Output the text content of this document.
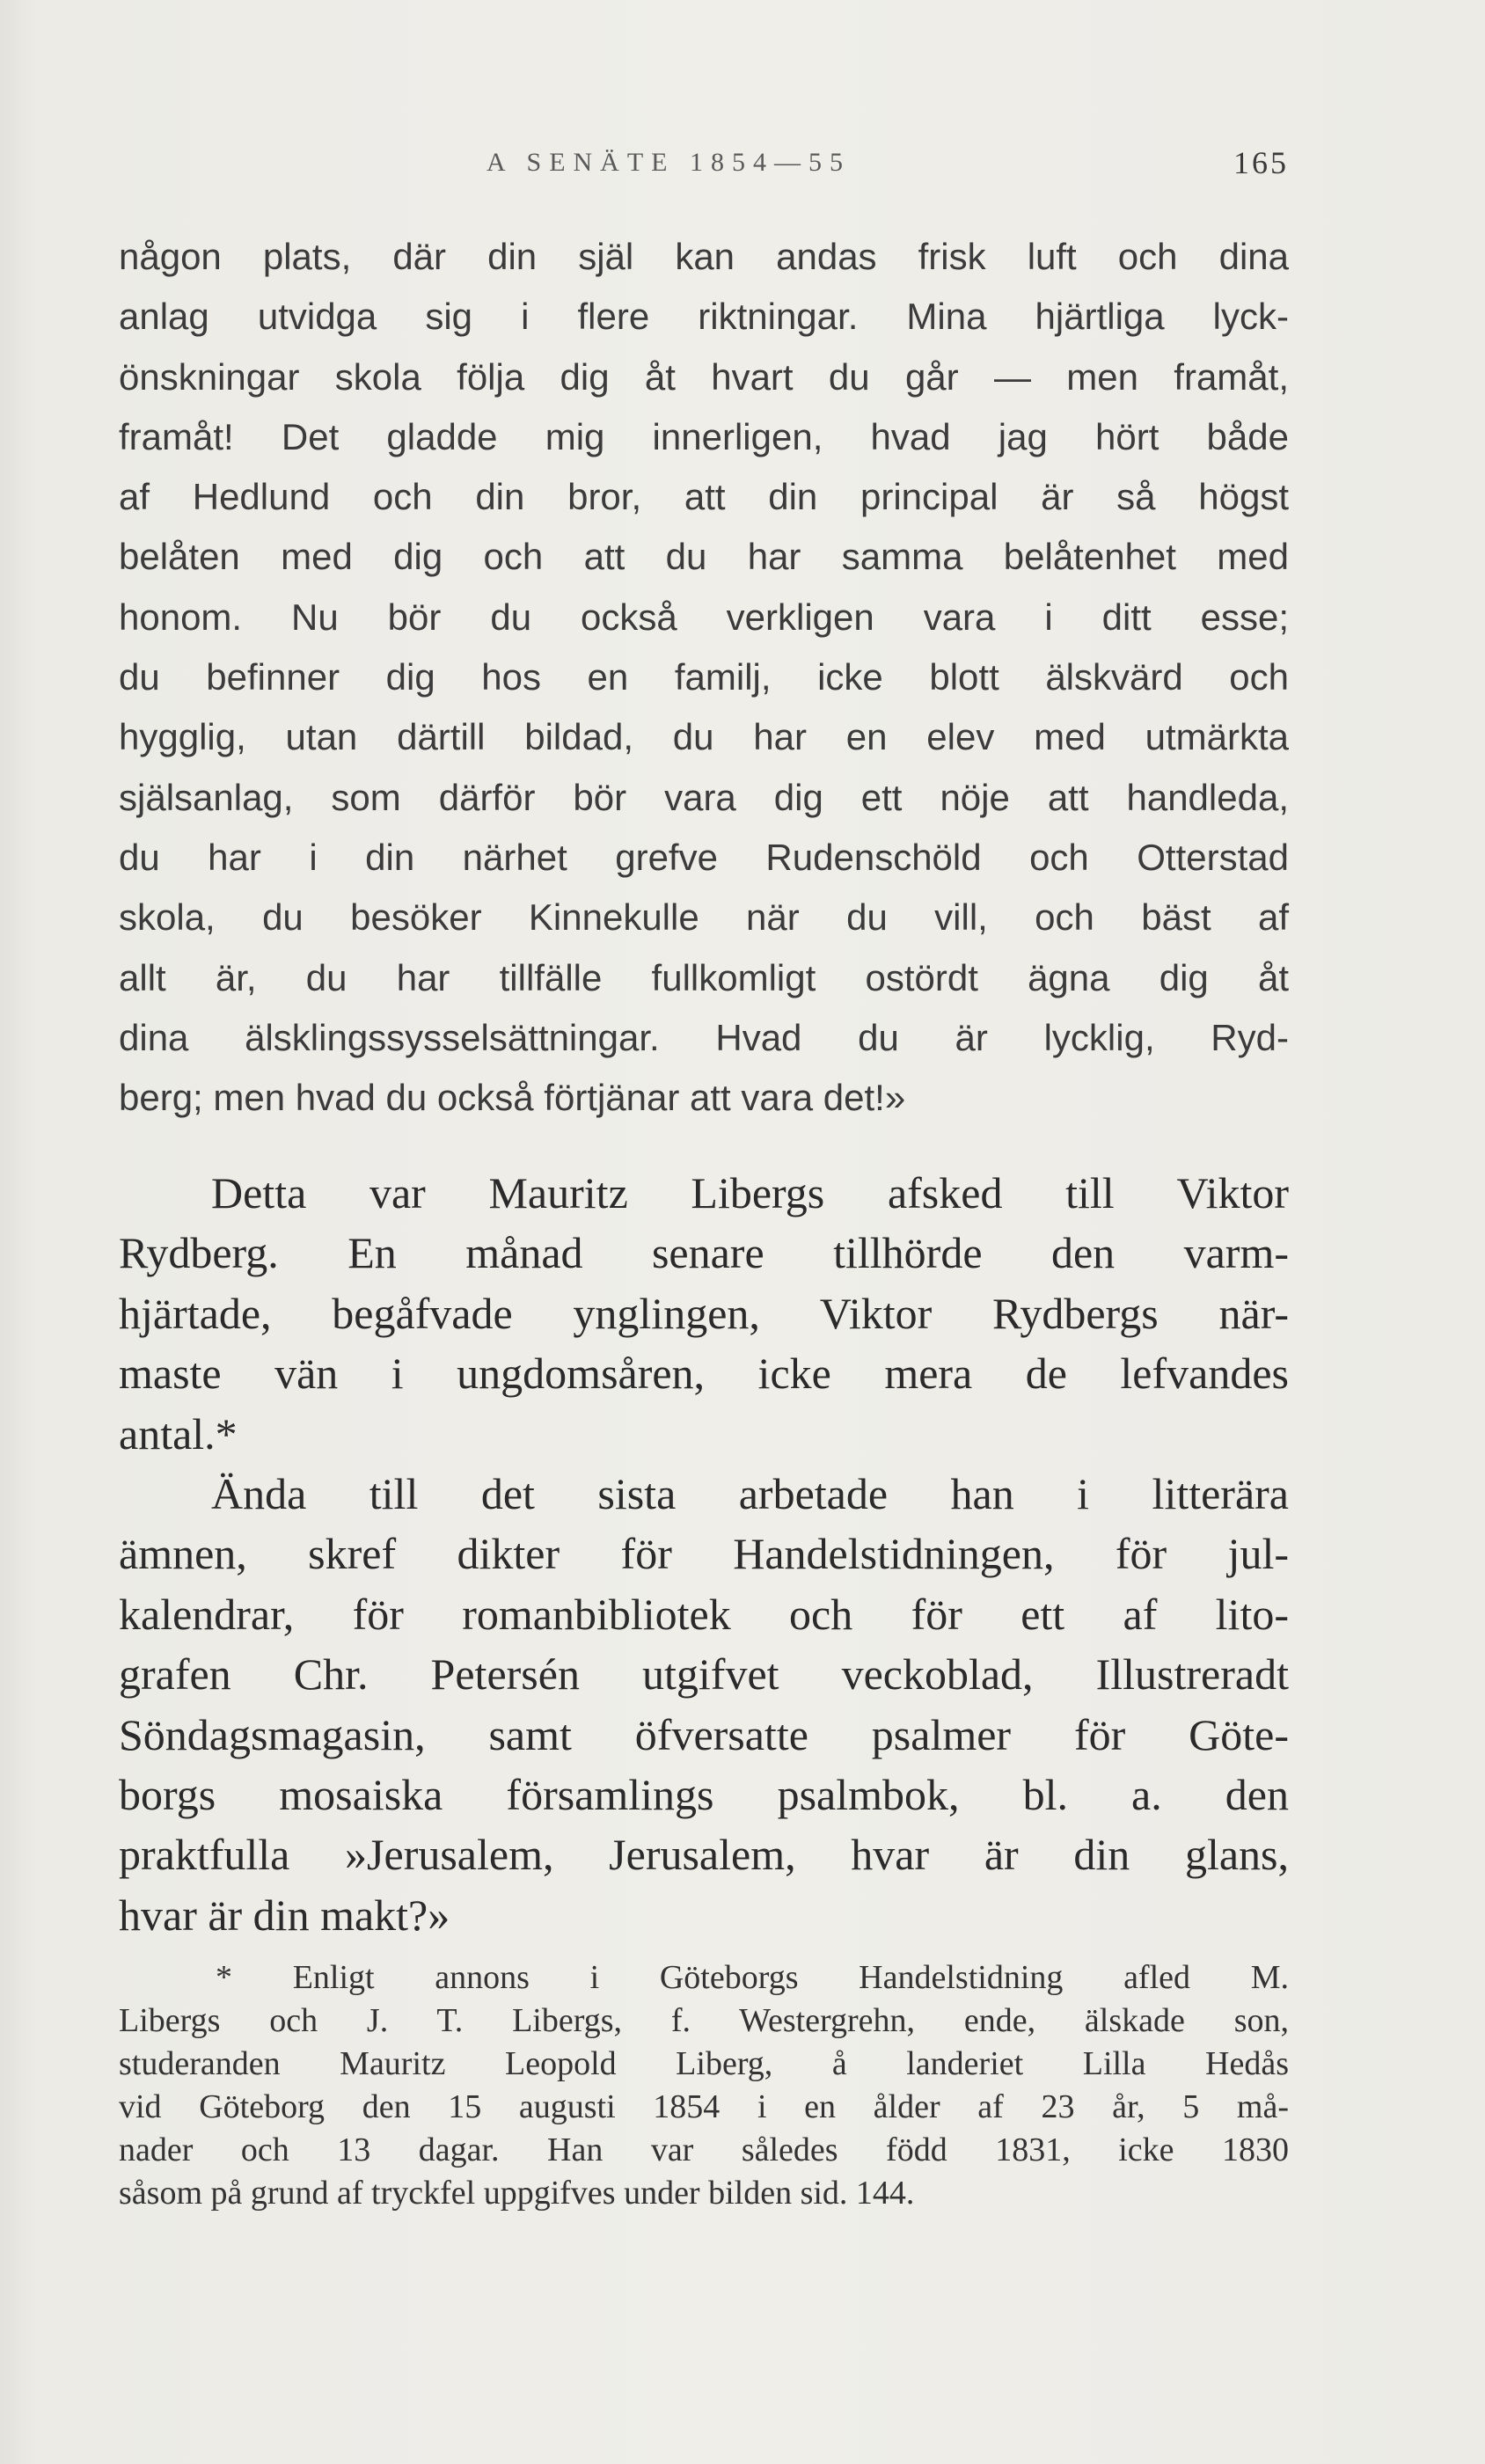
A SENÄTE 1854—55	165
någon plats, där din själ kan andas frisk luft och dina
anlag utvidga sig i flere riktningar. Mina hjärtliga lyck-
önskningar skola följa dig åt hvart du går — men framåt,
framåt! Det gladde mig innerligen, hvad jag hört både
af Hedlund och din bror, att din principal är så högst
belåten med dig och att du har samma belåtenhet med
honom. Nu bör du också verkligen vara i ditt esse;
du befinner dig hos en familj, icke blott älskvärd och
hygglig, utan därtill bildad, du har en elev med utmärkta
själsanlag, som därför bör vara dig ett nöje att handleda,
du har i din närhet grefve Rudenschöld och Otterstad
skola, du besöker Kinnekulle när du vill, och bäst af
allt är, du har tillfälle fullkomligt ostördt ägna dig åt
dina älsklingssysselsättningar. Hvad du är lycklig, Ryd-
berg; men hvad du också förtjänar att vara det!»
Detta var Mauritz Libergs afsked till Viktor
Rydberg. En månad senare tillhörde den varm-
hjärtade, begåfvade ynglingen, Viktor Rydbergs när-
maste vän i ungdomsåren, icke mera de lefvandes
antal.*
Ända till det sista arbetade han i litterära
ämnen, skref dikter för Handelstidningen, för jul-
kalendrar, för romanbibliotek och för ett af lito-
grafen Chr. Petersén utgifvet veckoblad, Illustreradt
Söndagsmagasin, samt öfversatte psalmer för Göte-
borgs mosaiska församlings psalmbok, bl. a. den
praktfulla »Jerusalem, Jerusalem, hvar är din glans,
hvar är din makt?»
* Enligt annons i Göteborgs Handelstidning afled M.
Libergs och J. T. Libergs, f. Westergrehn, ende, älskade son,
studeranden Mauritz Leopold Liberg, å landeriet Lilla Hedås
vid Göteborg den 15 augusti 1854 i en ålder af 23 år, 5 må-
nader och 13 dagar. Han var således född 1831, icke 1830
såsom på grund af tryckfel uppgifves under bilden sid. 144.
